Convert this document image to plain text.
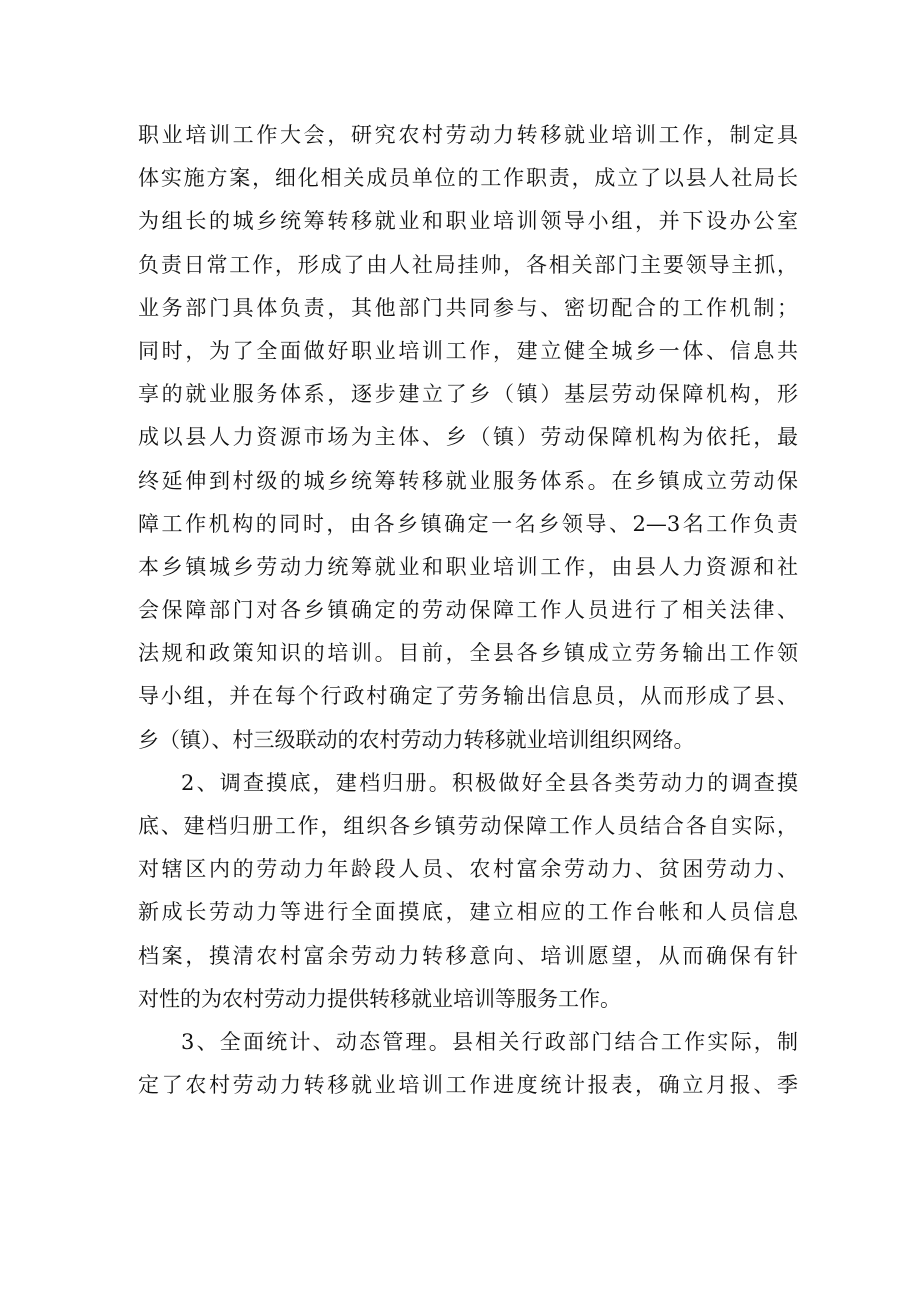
职业培训工作大会，研究农村劳动力转移就业培训工作，制定具
体实施方案，细化相关成员单位的工作职责，成立了以县人社局长
为组长的城乡统筹转移就业和职业培训领导小组，并下设办公室
负责日常工作，形成了由人社局挂帅，各相关部门主要领导主抓，
业务部门具体负责，其他部门共同参与、密切配合的工作机制；
同时，为了全面做好职业培训工作，建立健全城乡一体、信息共
享的就业服务体系，逐步建立了乡（镇）基层劳动保障机构，形
成以县人力资源市场为主体、乡（镇）劳动保障机构为依托，最
终延伸到村级的城乡统筹转移就业服务体系。在乡镇成立劳动保
障工作机构的同时，由各乡镇确定一名乡领导、2—3名工作负责
本乡镇城乡劳动力统筹就业和职业培训工作，由县人力资源和社
会保障部门对各乡镇确定的劳动保障工作人员进行了相关法律、
法规和政策知识的培训。目前，全县各乡镇成立劳务输出工作领
导小组，并在每个行政村确定了劳务输出信息员，从而形成了县、
乡（镇）、村三级联动的农村劳动力转移就业培训组织网络。
2、调查摸底，建档归册。积极做好全县各类劳动力的调查摸
底、建档归册工作，组织各乡镇劳动保障工作人员结合各自实际，
对辖区内的劳动力年龄段人员、农村富余劳动力、贫困劳动力、
新成长劳动力等进行全面摸底，建立相应的工作台帐和人员信息
档案，摸清农村富余劳动力转移意向、培训愿望，从而确保有针
对性的为农村劳动力提供转移就业培训等服务工作。
3、全面统计、动态管理。县相关行政部门结合工作实际，制
定了农村劳动力转移就业培训工作进度统计报表，确立月报、季
